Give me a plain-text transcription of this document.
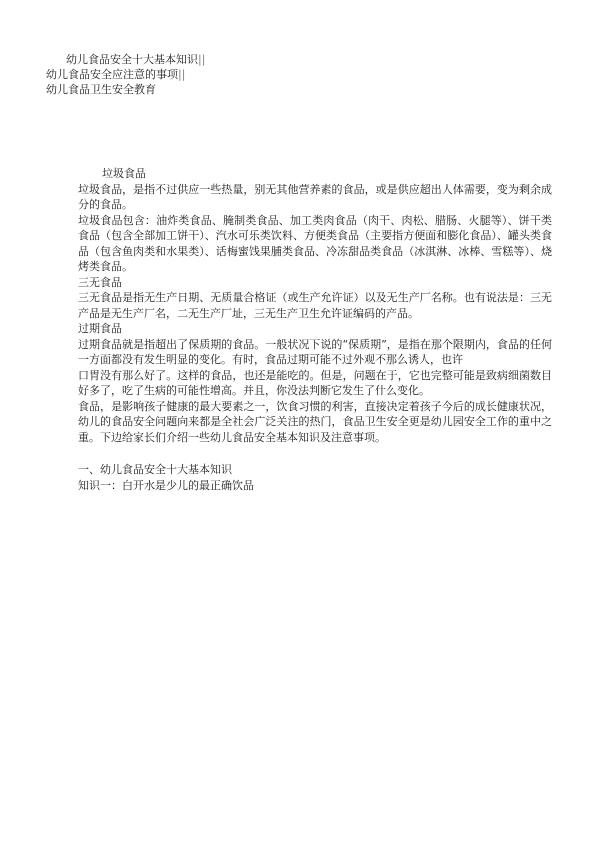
幼儿食品安全十大基本知识||
幼儿食品安全应注意的事项||
幼儿食品卫生安全教育

垃圾食品

垃圾食品，是指不过供应一些热量，别无其他营养素的食品，或是供应超出人体需要，变为剩余成分的食品。

垃圾食品包含：油炸类食品、腌制类食品、加工类肉食品（肉干、肉松、腊肠、火腿等）、饼干类食品（包含全部加工饼干）、汽水可乐类饮料、方便类食品（主要指方便面和膨化食品）、罐头类食品（包含鱼肉类和水果类）、话梅蜜饯果脯类食品、冷冻甜品类食品（冰淇淋、冰棒、雪糕等）、烧烤类食品。

三无食品

三无食品是指无生产日期、无质量合格证（或生产允许证）以及无生产厂名称。也有说法是：三无产品是无生产厂名，二无生产厂址，三无生产卫生允许证编码的产品。

过期食品

过期食品就是指超出了保质期的食品。一般状况下说的“保质期”，是指在那个限期内，食品的任何一方面都没有发生明显的变化。有时，食品过期可能不过外观不那么诱人，也许

口胃没有那么好了。这样的食品，也还是能吃的。但是，问题在于，它也完整可能是致病细菌数目好多了，吃了生病的可能性增高。并且，你没法判断它发生了什么变化。

食品，是影响孩子健康的最大要素之一，饮食习惯的利害，直接决定着孩子今后的成长健康状况，幼儿的食品安全问题向来都是全社会广泛关注的热门，食品卫生安全更是幼儿园安全工作的重中之重。下边给家长们介绍一些幼儿食品安全基本知识及注意事项。

一、幼儿食品安全十大基本知识

知识一：白开水是少儿的最正确饮品
